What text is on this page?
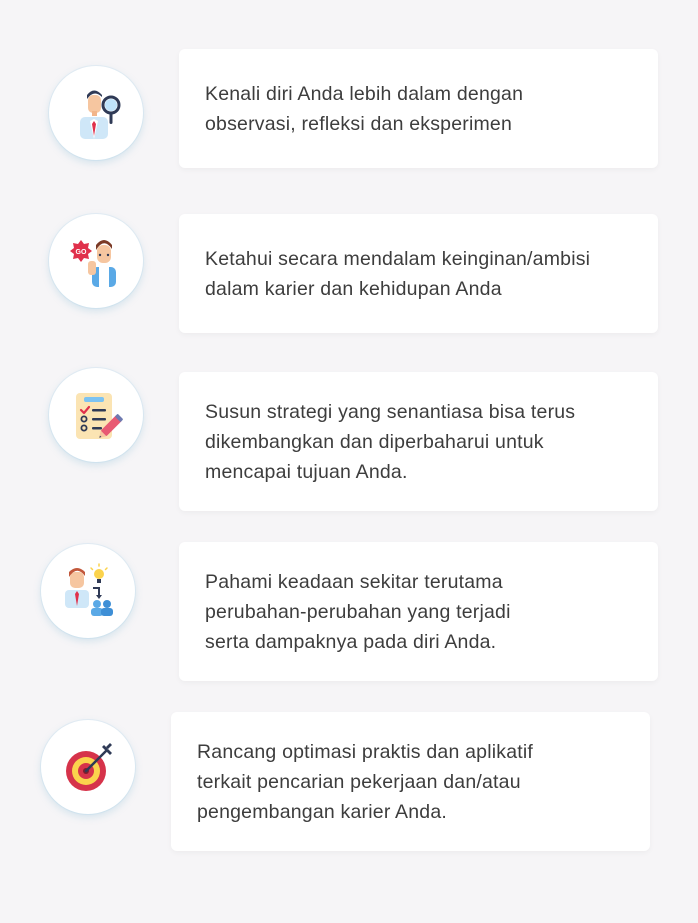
Kenali diri Anda lebih dalam dengan
observasi, refleksi dan eksperimen

GO	Ketahui secara mendalam keinginan/ambisi
dalam karier dan kehidupan Anda

Susun strategi yang senantiasa bisa terus
dikembangkan dan diperbaharui untuk
mencapai tujuan Anda.

Pahami keadaan sekitar terutama
perubahan-perubahan yang terjadi
serta dampaknya pada diri Anda.

Rancang optimasi praktis dan aplikatif
terkait pencarian pekerjaan dan/atau
pengembangan karier Anda.
